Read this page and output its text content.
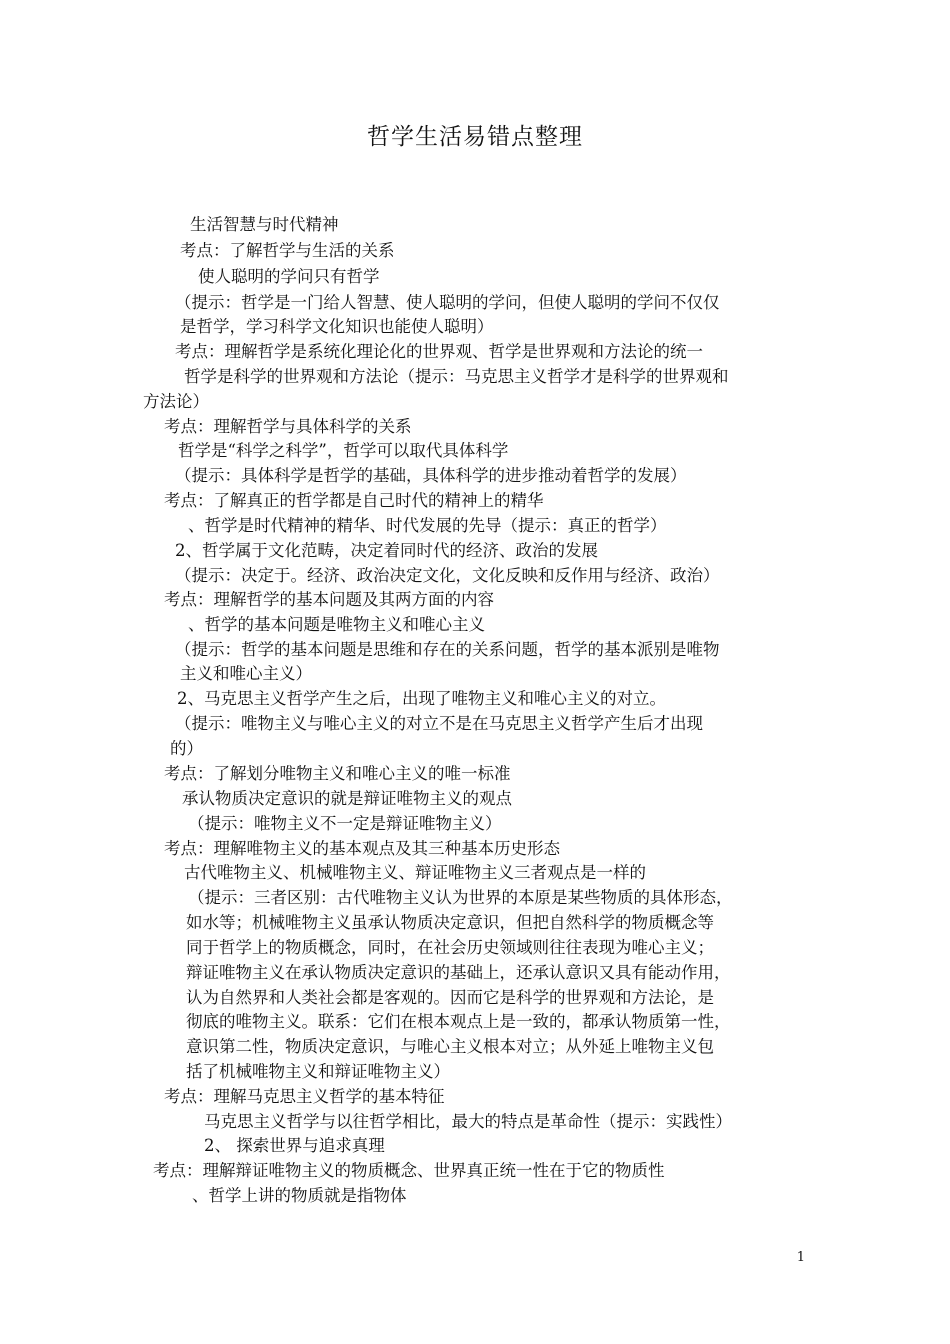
哲学生活易错点整理
生活智慧与时代精神
考点：了解哲学与生活的关系
使人聪明的学问只有哲学
（提示：哲学是一门给人智慧、使人聪明的学问，但使人聪明的学问不仅仅
是哲学，学习科学文化知识也能使人聪明）
考点：理解哲学是系统化理论化的世界观、哲学是世界观和方法论的统一
哲学是科学的世界观和方法论（提示：马克思主义哲学才是科学的世界观和
方法论）
考点：理解哲学与具体科学的关系
哲学是“科学之科学”，哲学可以取代具体科学
（提示：具体科学是哲学的基础，具体科学的进步推动着哲学的发展）
考点：了解真正的哲学都是自己时代的精神上的精华
、哲学是时代精神的精华、时代发展的先导（提示：真正的哲学）
2、哲学属于文化范畴，决定着同时代的经济、政治的发展
（提示：决定于。经济、政治决定文化，文化反映和反作用与经济、政治）
考点：理解哲学的基本问题及其两方面的内容
、哲学的基本问题是唯物主义和唯心主义
（提示：哲学的基本问题是思维和存在的关系问题，哲学的基本派别是唯物
主义和唯心主义）
2、马克思主义哲学产生之后，出现了唯物主义和唯心主义的对立。
（提示：唯物主义与唯心主义的对立不是在马克思主义哲学产生后才出现
的）
考点：了解划分唯物主义和唯心主义的唯一标准
承认物质决定意识的就是辩证唯物主义的观点
（提示：唯物主义不一定是辩证唯物主义）
考点：理解唯物主义的基本观点及其三种基本历史形态
古代唯物主义、机械唯物主义、辩证唯物主义三者观点是一样的
（提示：三者区别：古代唯物主义认为世界的本原是某些物质的具体形态，
如水等；机械唯物主义虽承认物质决定意识，但把自然科学的物质概念等
同于哲学上的物质概念，同时，在社会历史领域则往往表现为唯心主义；
辩证唯物主义在承认物质决定意识的基础上，还承认意识又具有能动作用，
认为自然界和人类社会都是客观的。因而它是科学的世界观和方法论，是
彻底的唯物主义。联系：它们在根本观点上是一致的，都承认物质第一性，
意识第二性，物质决定意识，与唯心主义根本对立；从外延上唯物主义包
括了机械唯物主义和辩证唯物主义）
考点：理解马克思主义哲学的基本特征
马克思主义哲学与以往哲学相比，最大的特点是革命性（提示：实践性）
2、 探索世界与追求真理
考点：理解辩证唯物主义的物质概念、世界真正统一性在于它的物质性
、哲学上讲的物质就是指物体
1
